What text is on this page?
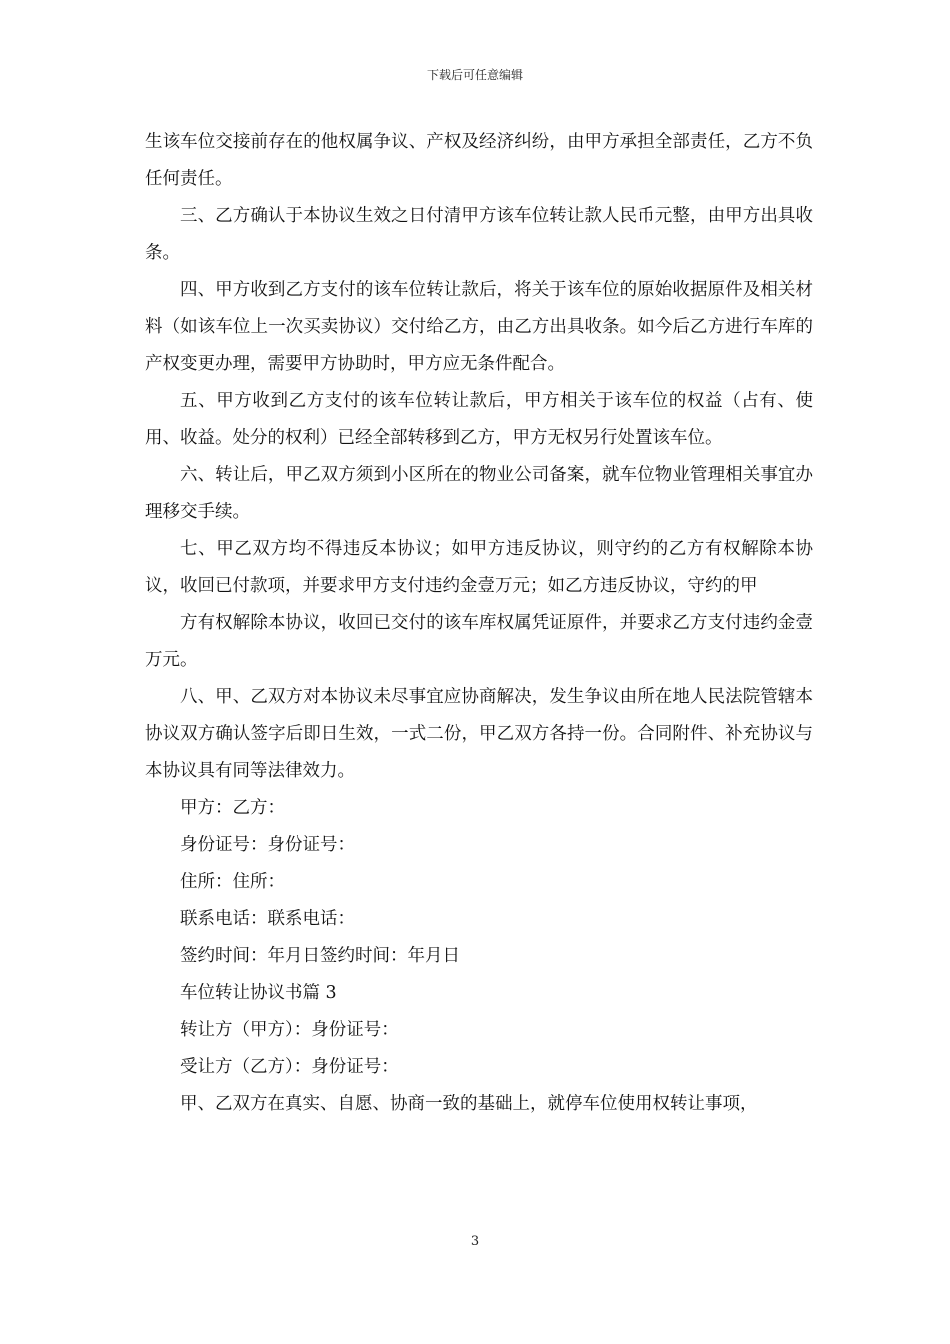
下载后可任意编辑

生该车位交接前存在的他权属争议、产权及经济纠纷，由甲方承担全部责任，乙方不负任何责任。

三、乙方确认于本协议生效之日付清甲方该车位转让款人民币元整，由甲方出具收条。

四、甲方收到乙方支付的该车位转让款后，将关于该车位的原始收据原件及相关材料（如该车位上一次买卖协议）交付给乙方，由乙方出具收条。如今后乙方进行车库的产权变更办理，需要甲方协助时，甲方应无条件配合。

五、甲方收到乙方支付的该车位转让款后，甲方相关于该车位的权益（占有、使用、收益。处分的权利）已经全部转移到乙方，甲方无权另行处置该车位。

六、转让后，甲乙双方须到小区所在的物业公司备案，就车位物业管理相关事宜办理移交手续。

七、甲乙双方均不得违反本协议；如甲方违反协议，则守约的乙方有权解除本协议，收回已付款项，并要求甲方支付违约金壹万元；如乙方违反协议，守约的甲

方有权解除本协议，收回已交付的该车库权属凭证原件，并要求乙方支付违约金壹万元。

八、甲、乙双方对本协议未尽事宜应协商解决，发生争议由所在地人民法院管辖本协议双方确认签字后即日生效，一式二份，甲乙双方各持一份。合同附件、补充协议与本协议具有同等法律效力。

甲方：乙方：

身份证号：身份证号：

住所：住所：

联系电话：联系电话：

签约时间：年月日签约时间：年月日

车位转让协议书篇 3

转让方（甲方）：身份证号：

受让方（乙方）：身份证号：

甲、乙双方在真实、自愿、协商一致的基础上，就停车位使用权转让事项，

3
